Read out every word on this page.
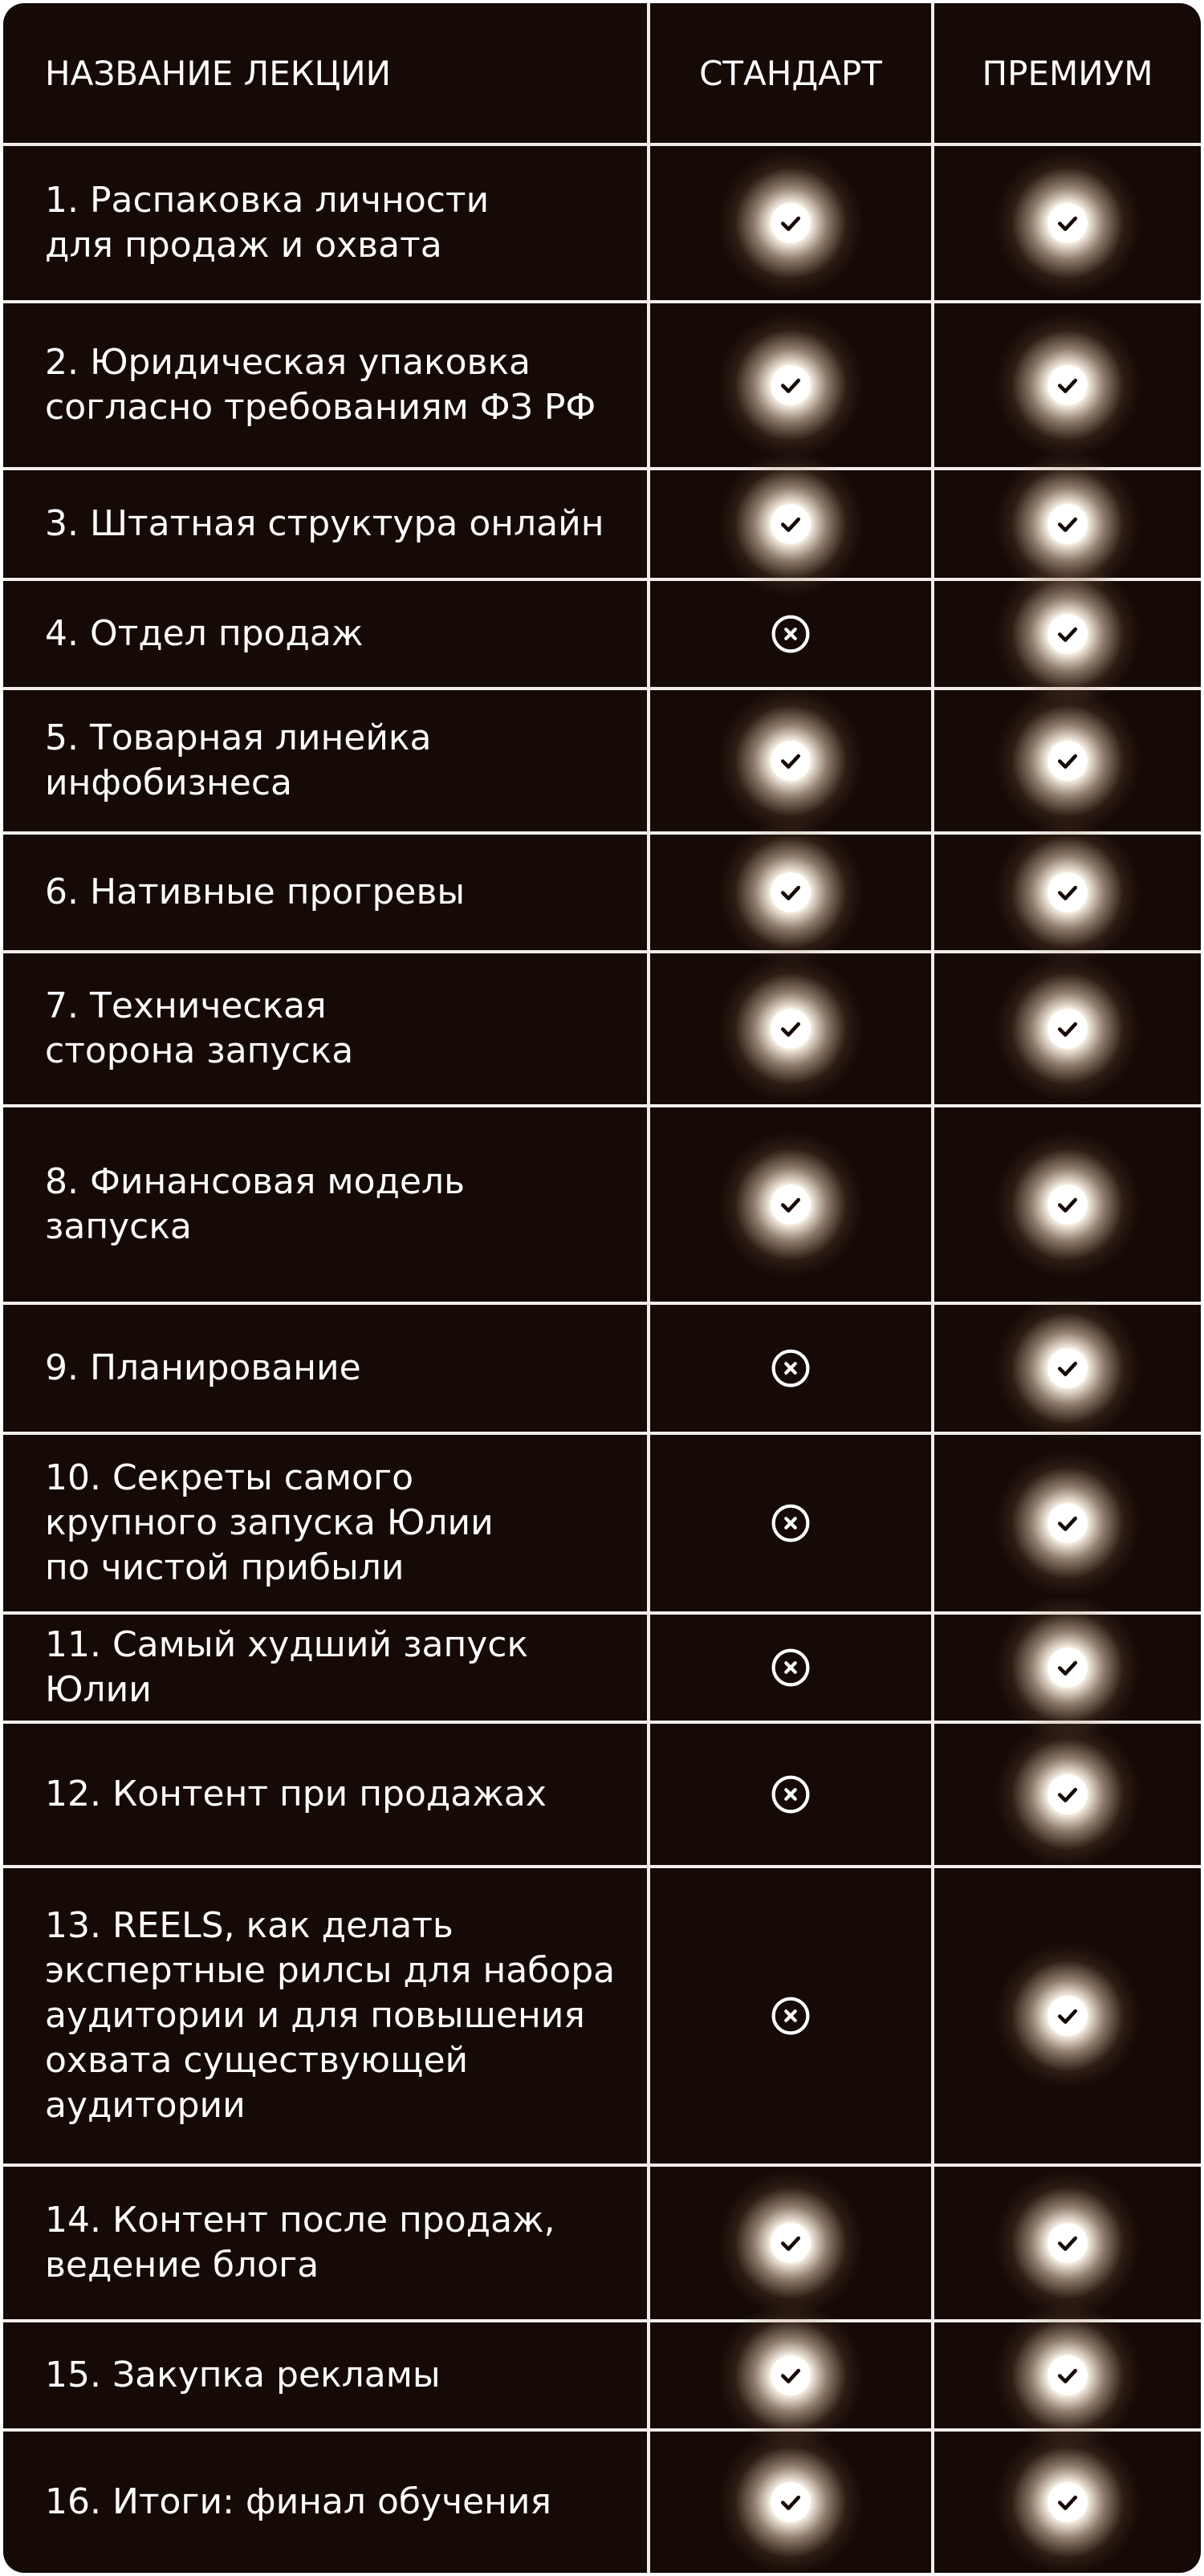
НАЗВАНИЕ ЛЕКЦИИ	СТАНДАРТ	ПРЕМИУМ
1. Распаковка личности
для продаж и охвата
2. Юридическая упаковка
согласно требованиям ФЗ РФ
3. Штатная структура онлайн
4. Отдел продаж
5. Товарная линейка
инфобизнеса
6. Нативные прогревы
7. Техническая
сторона запуска
8. Финансовая модель
запуска
9. Планирование
10. Секреты самого
крупного запуска Юлии
по чистой прибыли
11. Самый худший запуск Юлии
12. Контент при продажах
13. REELS, как делать
экспертные рилсы для набора
аудитории и для повышения
охвата существующей
аудитории
14. Контент после продаж,
ведение блога
15. Закупка рекламы
16. Итоги: финал обучения
